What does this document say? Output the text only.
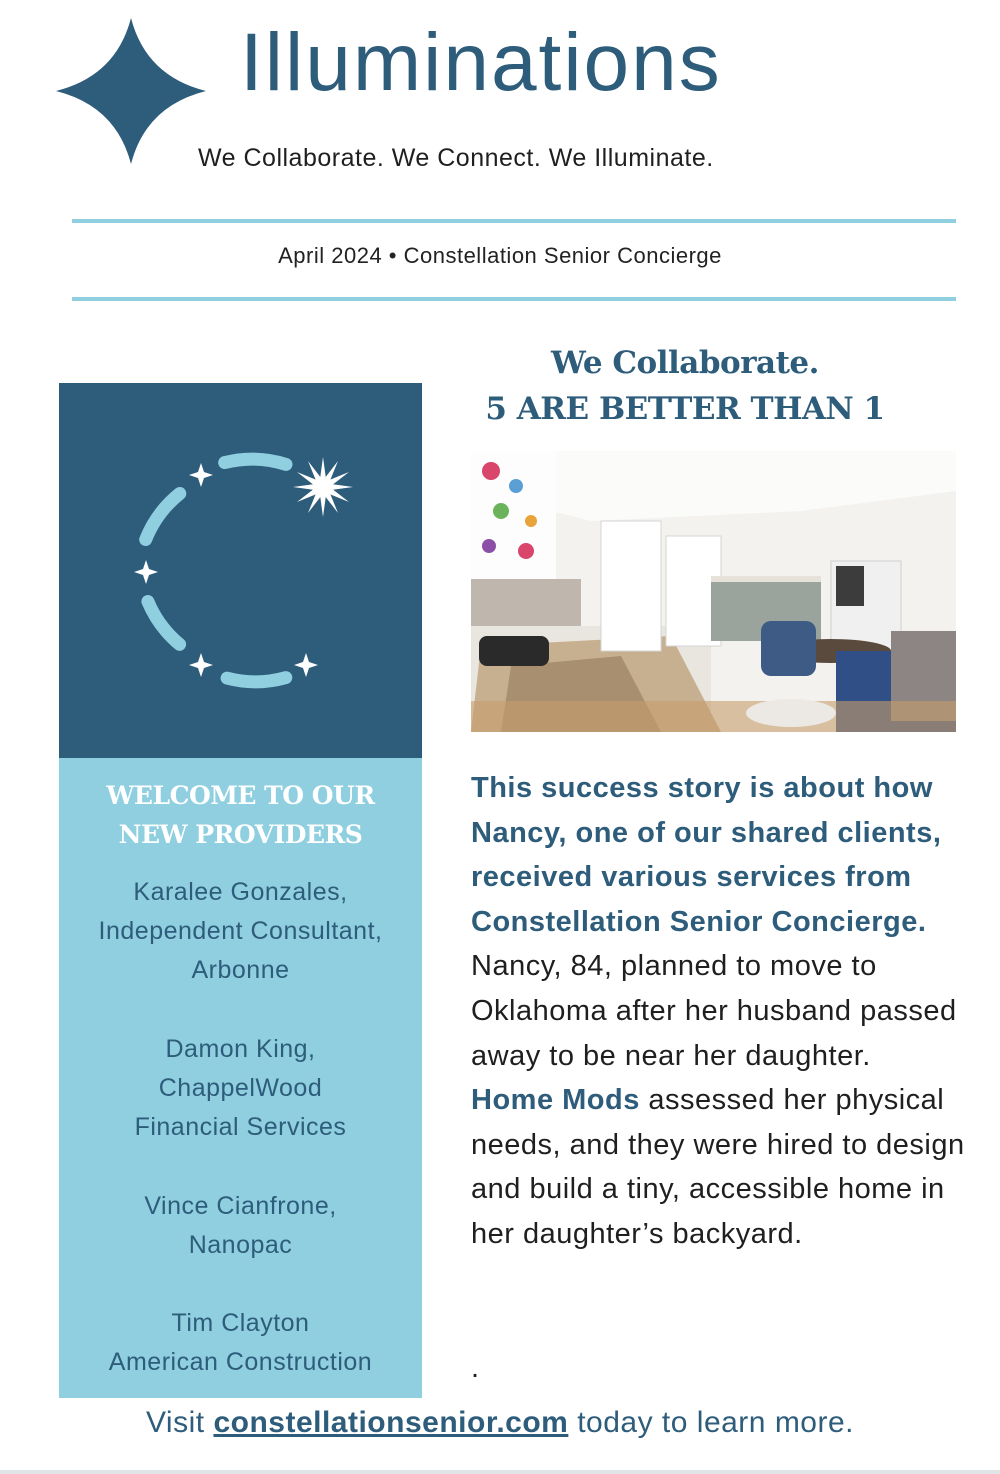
Illuminations
We Collaborate. We Connect. We Illuminate.
April 2024 • Constellation Senior Concierge
WELCOME TO OUR
NEW PROVIDERS
Karalee Gonzales,
Independent Consultant,
Arbonne
Damon King,
ChappelWood
Financial Services
Vince Cianfrone,
Nanopac
Tim Clayton
American Construction
We Collaborate.
5 ARE BETTER THAN 1
This success story is about how Nancy, one of our shared clients, received various services from Constellation Senior Concierge. Nancy, 84, planned to move to Oklahoma after her husband passed away to be near her daughter.
Home Mods assessed her physical needs, and they were hired to design and build a tiny, accessible home in her daughter’s backyard.
.
Visit constellationsenior.com today to learn more.
